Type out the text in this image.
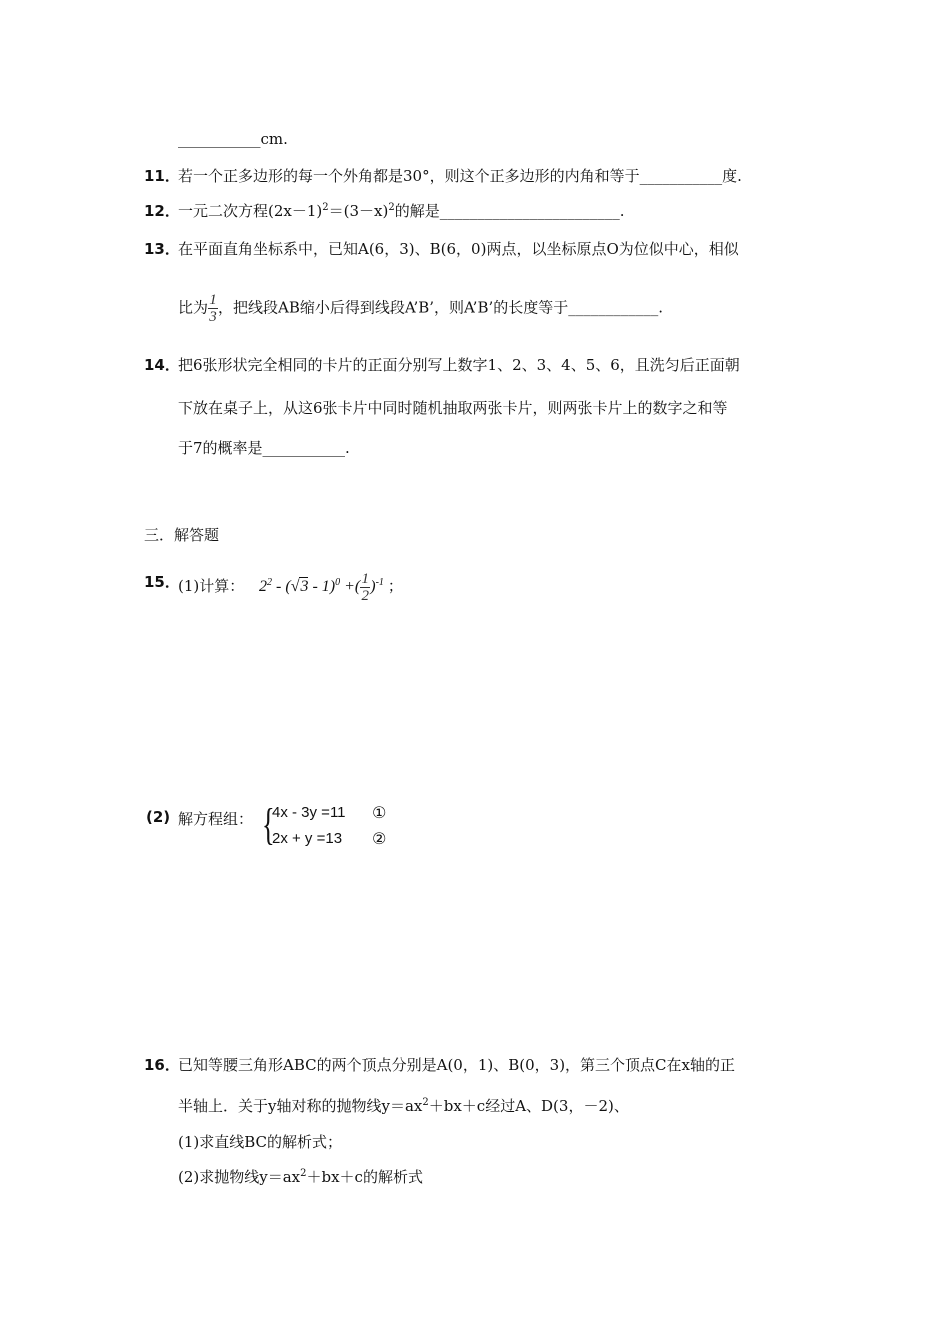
___________cm.
11．
若一个正多边形的每一个外角都是30°，则这个正多边形的内角和等于___________度.
12．
一元二次方程$(2x-1)^2=(3-x)^2$的解是________________________.
13．
在平面直角坐标系中，已知A(6，3)、B(6，0)两点，以坐标原点O为位似中心，相似
比为 $\frac{1}{3}$ ，把线段AB缩小后得到线段A’B’，则A’B’的长度等于____________.
14．
把6张形状完全相同的卡片的正面分别写上数字1、2、3、4、5、6，且洗匀后正面朝
下放在桌子上，从这6张卡片中同时随机抽取两张卡片，则两张卡片上的数字之和等
于7的概率是___________.
三．解答题
15．
(1)计算： $2^2 - (√3 - 1)^0$ +( $\frac{1}{2} )^{-1}$ ；
(2) 解方程组： {
4x - 3y =11 ①
2x + y =13 ②
16．
已知等腰三角形ABC的两个顶点分别是A(0，1)、B(0，3)，第三个顶点C在x轴的正
半轴上．关于y轴对称的抛物线$y=ax^2+bx+c$经过A、D(3，－2)、
(1)求直线BC的解析式；
(2)求抛物线$y=ax^2+bx+c$的解析式
